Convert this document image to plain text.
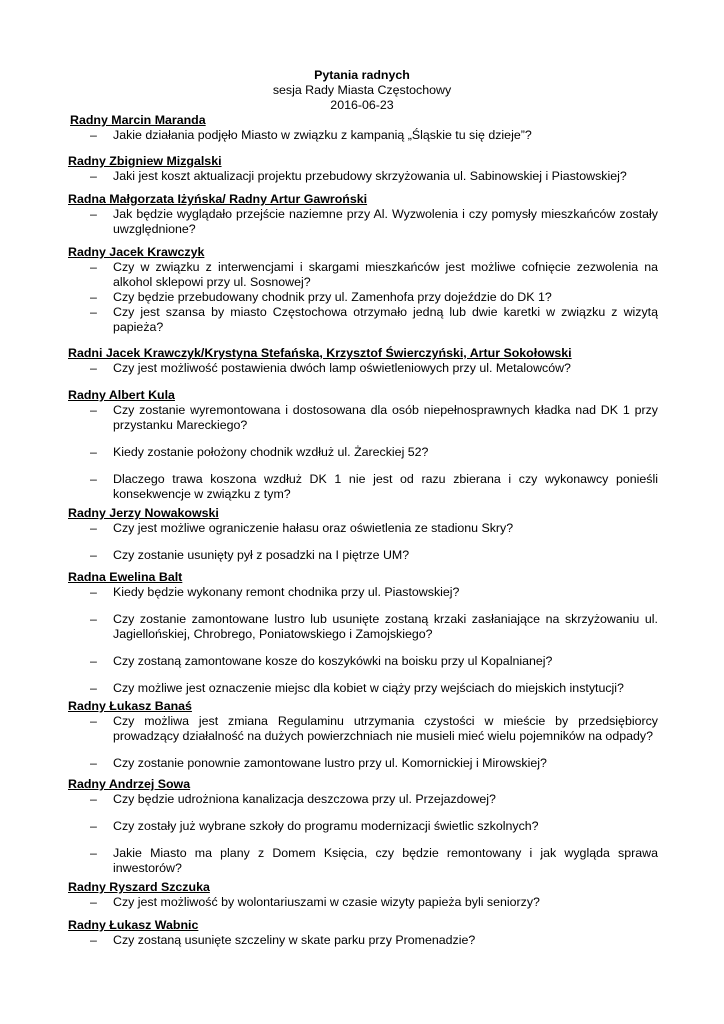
Pytania radnych
sesja Rady Miasta Częstochowy
2016-06-23
Radny Marcin Maranda
– Jakie działania podjęło Miasto w związku z kampanią „Śląskie tu się dzieje”?
Radny Zbigniew Mizgalski
– Jaki jest koszt aktualizacji projektu przebudowy skrzyżowania ul. Sabinowskiej i Piastowskiej?
Radna Małgorzata Iżyńska/ Radny Artur Gawroński
– Jak będzie wyglądało przejście naziemne przy Al. Wyzwolenia i czy pomysły mieszkańców zostały uwzględnione?
Radny Jacek Krawczyk
– Czy w związku z interwencjami i skargami mieszkańców jest możliwe cofnięcie zezwolenia na alkohol sklepowi przy ul. Sosnowej?
– Czy będzie przebudowany chodnik przy ul. Zamenhofa przy dojeździe do DK 1?
– Czy jest szansa by miasto Częstochowa otrzymało jedną lub dwie karetki w związku z wizytą papieża?
Radni Jacek Krawczyk/Krystyna Stefańska, Krzysztof Świerczyński, Artur Sokołowski
– Czy jest możliwość postawienia dwóch lamp oświetleniowych przy ul. Metalowców?
Radny Albert Kula
– Czy zostanie wyremontowana i dostosowana dla osób niepełnosprawnych kładka nad DK 1 przy przystanku Mareckiego?
– Kiedy zostanie położony chodnik wzdłuż ul. Żareckiej 52?
– Dlaczego trawa koszona wzdłuż DK 1 nie jest od razu zbierana i czy wykonawcy ponieśli konsekwencje w związku z tym?
Radny Jerzy Nowakowski
– Czy jest możliwe ograniczenie hałasu oraz oświetlenia ze stadionu Skry?
– Czy zostanie usunięty pył z posadzki na I piętrze UM?
Radna Ewelina Balt
– Kiedy będzie wykonany remont chodnika przy ul. Piastowskiej?
– Czy zostanie zamontowane lustro lub usunięte zostaną krzaki zasłaniające na skrzyżowaniu ul. Jagiellońskiej, Chrobrego, Poniatowskiego i Zamojskiego?
– Czy zostaną zamontowane kosze do koszykówki na boisku przy ul Kopalnianej?
– Czy możliwe jest oznaczenie miejsc dla kobiet w ciąży przy wejściach do miejskich instytucji?
Radny Łukasz Banaś
– Czy możliwa jest zmiana Regulaminu utrzymania czystości w mieście by przedsiębiorcy prowadzący działalność na dużych powierzchniach nie musieli mieć wielu pojemników na odpady?
– Czy zostanie ponownie zamontowane lustro przy ul. Komornickiej i Mirowskiej?
Radny Andrzej Sowa
– Czy będzie udrożniona kanalizacja deszczowa przy ul. Przejazdowej?
– Czy zostały już wybrane szkoły do programu modernizacji świetlic szkolnych?
– Jakie Miasto ma plany z Domem Księcia, czy będzie remontowany i jak wygląda sprawa inwestorów?
Radny Ryszard Szczuka
– Czy jest możliwość by wolontariuszami w czasie wizyty papieża byli seniorzy?
Radny Łukasz Wabnic
– Czy zostaną usunięte szczeliny w skate parku przy Promenadzie?
